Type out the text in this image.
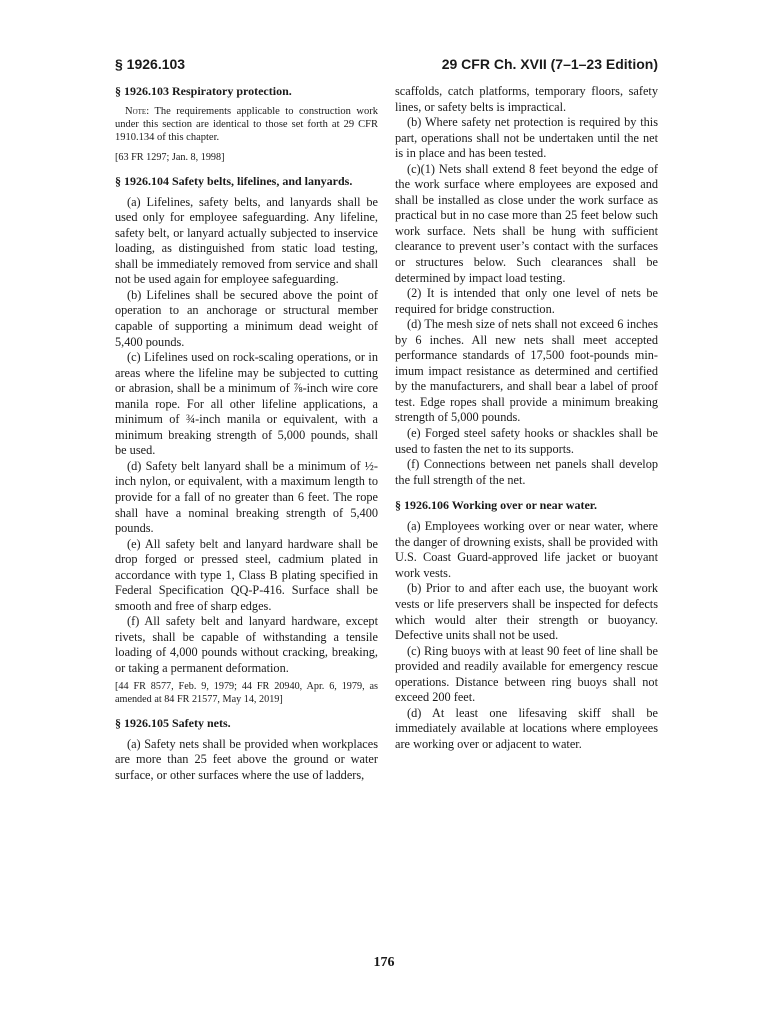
§ 1926.103	29 CFR Ch. XVII (7–1–23 Edition)

§ 1926.103 Respiratory protection.

Note: The requirements applicable to construction work under this section are identical to those set forth at 29 CFR 1910.134 of this chapter.

[63 FR 1297; Jan. 8, 1998]

§ 1926.104 Safety belts, lifelines, and lanyards.

(a) Lifelines, safety belts, and lanyards shall be used only for employee safeguarding. Any lifeline, safety belt, or lanyard actually subjected to inservice loading, as distinguished from static load testing, shall be immediately removed from service and shall not be used again for employee safeguarding.

(b) Lifelines shall be secured above the point of operation to an anchorage or structural member capable of supporting a minimum dead weight of 5,400 pounds.

(c) Lifelines used on rock-scaling operations, or in areas where the lifeline may be subjected to cutting or abrasion, shall be a minimum of ⅞-inch wire core manila rope. For all other lifeline applications, a minimum of ¾-inch manila or equivalent, with a minimum breaking strength of 5,000 pounds, shall be used.

(d) Safety belt lanyard shall be a minimum of ½-inch nylon, or equivalent, with a maximum length to provide for a fall of no greater than 6 feet. The rope shall have a nominal breaking strength of 5,400 pounds.

(e) All safety belt and lanyard hardware shall be drop forged or pressed steel, cadmium plated in accordance with type 1, Class B plating specified in Federal Specification QQ-P-416. Surface shall be smooth and free of sharp edges.

(f) All safety belt and lanyard hardware, except rivets, shall be capable of withstanding a tensile loading of 4,000 pounds without cracking, breaking, or taking a permanent deformation.

[44 FR 8577, Feb. 9, 1979; 44 FR 20940, Apr. 6, 1979, as amended at 84 FR 21577, May 14, 2019]

§ 1926.105 Safety nets.

(a) Safety nets shall be provided when workplaces are more than 25 feet above the ground or water surface, or other surfaces where the use of ladders,

scaffolds, catch platforms, temporary floors, safety lines, or safety belts is impractical.

(b) Where safety net protection is required by this part, operations shall not be undertaken until the net is in place and has been tested.

(c)(1) Nets shall extend 8 feet beyond the edge of the work surface where employees are exposed and shall be installed as close under the work surface as practical but in no case more than 25 feet below such work surface. Nets shall be hung with sufficient clearance to prevent user’s contact with the surfaces or structures below. Such clearances shall be determined by impact load testing.

(2) It is intended that only one level of nets be required for bridge construction.

(d) The mesh size of nets shall not exceed 6 inches by 6 inches. All new nets shall meet accepted performance standards of 17,500 foot-pounds minimum impact resistance as determined and certified by the manufacturers, and shall bear a label of proof test. Edge ropes shall provide a minimum breaking strength of 5,000 pounds.

(e) Forged steel safety hooks or shackles shall be used to fasten the net to its supports.

(f) Connections between net panels shall develop the full strength of the net.

§ 1926.106 Working over or near water.

(a) Employees working over or near water, where the danger of drowning exists, shall be provided with U.S. Coast Guard-approved life jacket or buoyant work vests.

(b) Prior to and after each use, the buoyant work vests or life preservers shall be inspected for defects which would alter their strength or buoyancy. Defective units shall not be used.

(c) Ring buoys with at least 90 feet of line shall be provided and readily available for emergency rescue operations. Distance between ring buoys shall not exceed 200 feet.

(d) At least one lifesaving skiff shall be immediately available at locations where employees are working over or adjacent to water.

176
